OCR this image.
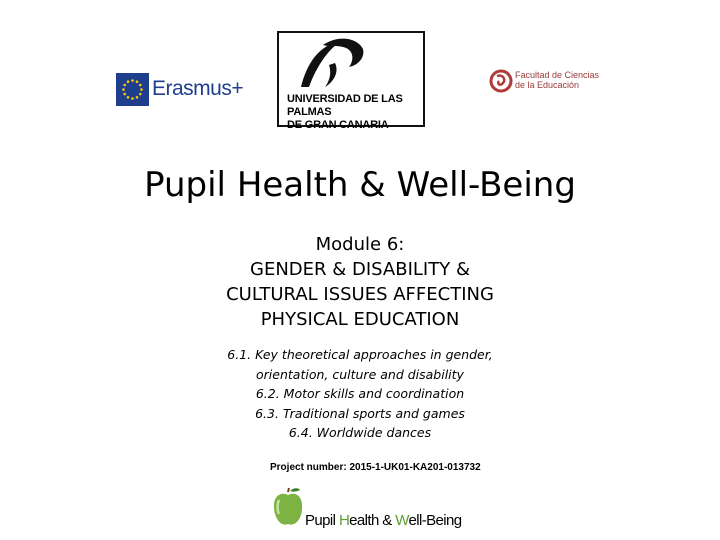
Erasmus+	UNIVERSIDAD DE LAS PALMAS
DE GRAN CANARIA
Facultad de Ciencias
de la Educación
Pupil Health & Well-Being
Module 6:
GENDER & DISABILITY &
CULTURAL ISSUES AFFECTING
PHYSICAL EDUCATION
6.1. Key theoretical approaches in gender,
orientation, culture and disability
6.2. Motor skills and coordination
6.3. Traditional sports and games
6.4. Worldwide dances
Project number: 2015-1-UK01-KA201-013732
Pupil Health & Well-Being
